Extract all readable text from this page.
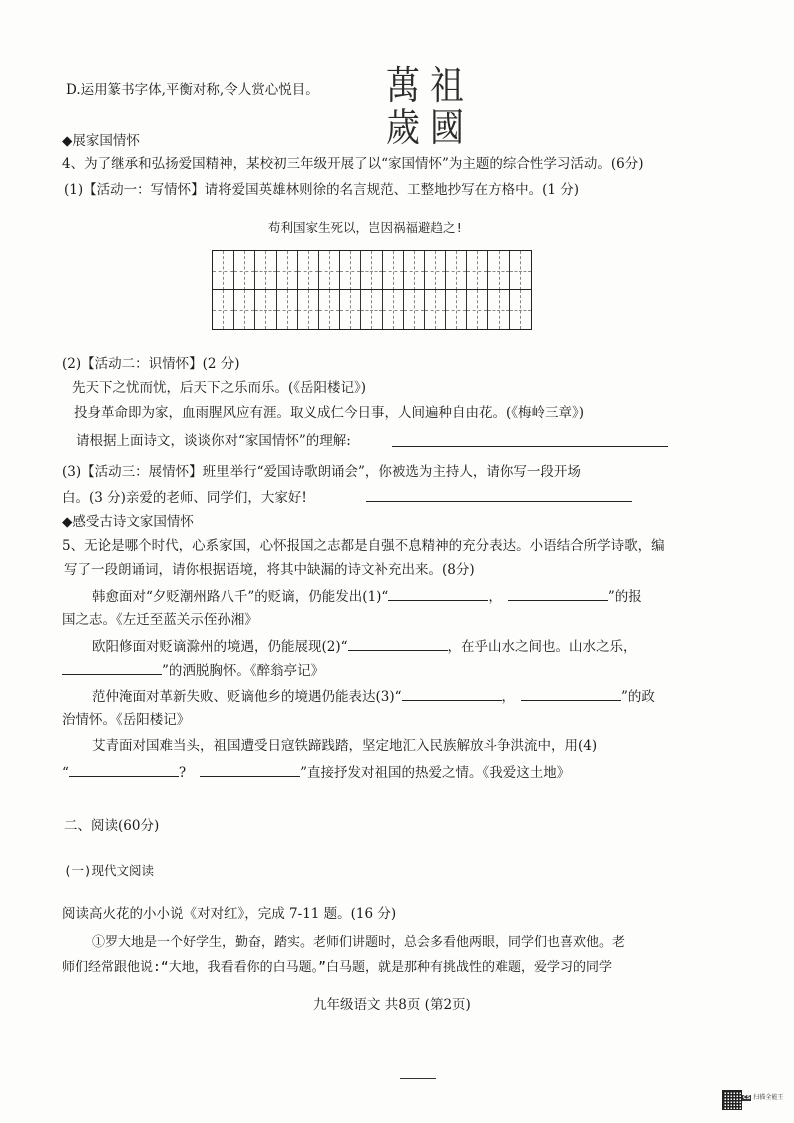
D.运用篆书字体,平衡对称,令人赏心悦目。	祖
國
萬
歲
◆展家国情怀
4、为了继承和弘扬爱国精神，某校初三年级开展了以“家国情怀”为主题的综合性学习活动。(6分)
(1)【活动一：写情怀】请将爱国英雄林则徐的名言规范、工整地抄写在方格中。(1 分)
苟利国家生死以，岂因祸福避趋之!
(2)【活动二：识情怀】(2 分)
先天下之忧而忧，后天下之乐而乐。(《岳阳楼记》)
投身革命即为家，血雨腥风应有涯。取义成仁今日事，人间遍种自由花。(《梅岭三章》)
请根据上面诗文，谈谈你对“家国情怀”的理解:
(3)【活动三：展情怀】班里举行“爱国诗歌朗诵会”，你被选为主持人，请你写一段开场
白。(3 分)亲爱的老师、同学们，大家好!
◆感受古诗文家国情怀
5、无论是哪个时代，心系家国，心怀报国之志都是自强不息精神的充分表达。小语结合所学诗歌，编
写了一段朗诵词，请你根据语境，将其中缺漏的诗文补充出来。(8分)
韩愈面对“夕贬潮州路八千”的贬谪，仍能发出(1)“	，	”的报
国之志。《左迁至蓝关示侄孙湘》
欧阳修面对贬谪滁州的境遇，仍能展现(2)“	，在乎山水之间也。山水之乐，
”的洒脱胸怀。《醉翁亭记》
范仲淹面对革新失败、贬谪他乡的境遇仍能表达(3)“	，	”的政
治情怀。《岳阳楼记》
艾青面对国难当头，祖国遭受日寇铁蹄践踏，坚定地汇入民族解放斗争洪流中，用(4)
“	?	”直接抒发对祖国的热爱之情。《我爱这土地》
二、阅读(60分)
(一)现代文阅读
阅读高火花的小小说《对对红》，完成 7-11 题。(16 分)
①罗大地是一个好学生，勤奋，踏实。老师们讲题时，总会多看他两眼，同学们也喜欢他。老
师们经常跟他说:“大地，我看看你的白马题。”白马题，就是那种有挑战性的难题，爱学习的同学
九年级语文 共8页 (第2页)
CS 扫描全能王
